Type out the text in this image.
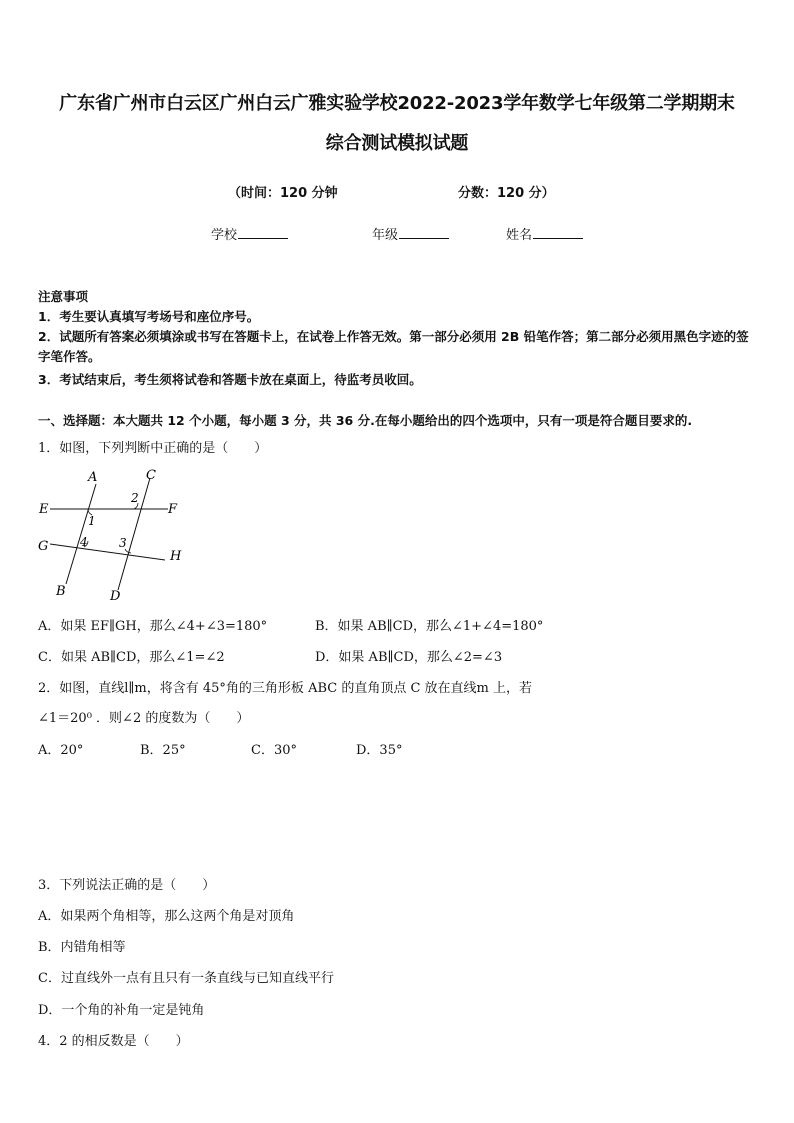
广东省广州市白云区广州白云广雅实验学校2022-2023学年数学七年级第二学期期末
综合测试模拟试题
（时间：120 分钟	分数：120 分）
学校	年级	姓名
注意事项
1．考生要认真填写考场号和座位序号。
2．试题所有答案必须填涂或书写在答题卡上，在试卷上作答无效。第一部分必须用 2B 铅笔作答；第二部分必须用黑色字迹的签字笔作答。
3．考试结束后，考生须将试卷和答题卡放在桌面上，待监考员收回。
一、选择题：本大题共 12 个小题，每小题 3 分，共 36 分.在每小题给出的四个选项中，只有一项是符合题目要求的.
1．如图，下列判断中正确的是（　　）
A
B
C
D
E	F
G
H
1
2
3
4
A．如果 EF∥GH，那么∠4+∠3=180°	B．如果 AB∥CD，那么∠1+∠4=180°
C．如果 AB∥CD，那么∠1=∠2	D．如果 AB∥CD，那么∠2=∠3
2．如图，直线l∥m，将含有 45°角的三角形板 ABC 的直角顶点 C 放在直线m 上，若
∠1＝20⁰ ．则∠2 的度数为（　　）
A．20°	B．25°	C．30°	D．35°
3．下列说法正确的是（　　）
A．如果两个角相等，那么这两个角是对顶角
B．内错角相等
C．过直线外一点有且只有一条直线与已知直线平行
D．一个角的补角一定是钝角
4．2 的相反数是（　　）
